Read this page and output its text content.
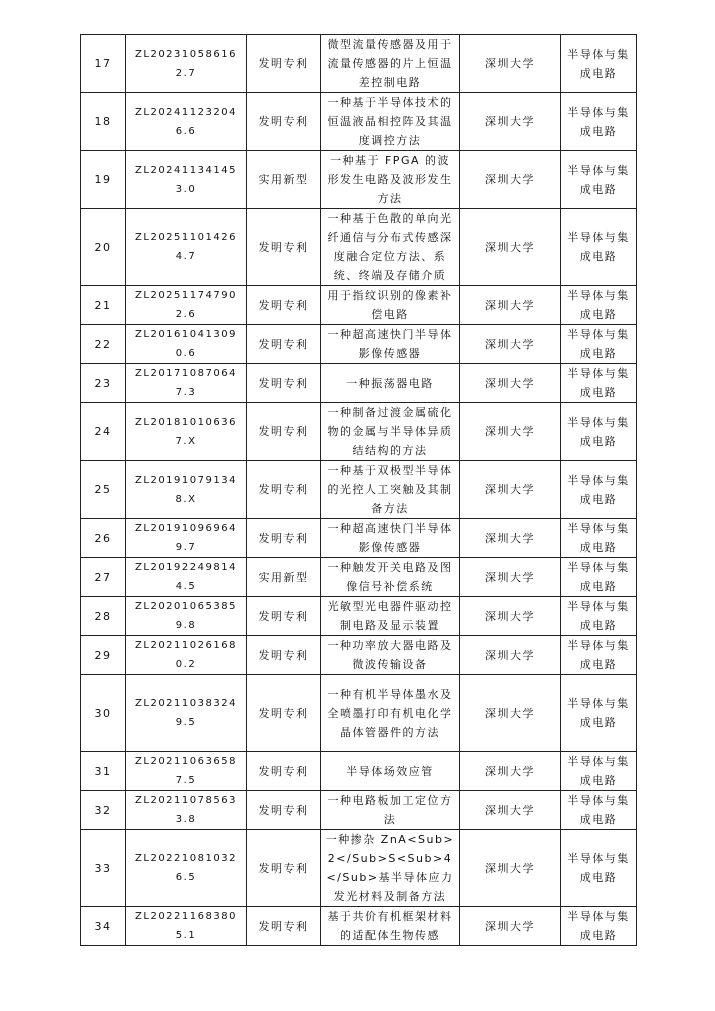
17	ZL202310586162.7	发明专利	微型流量传感器及用于流量传感器的片上恒温差控制电路	深圳大学	半导体与集成电路
18	ZL202411232046.6	发明专利	一种基于半导体技术的恒温液晶相控阵及其温度调控方法	深圳大学	半导体与集成电路
19	ZL202411341453.0	实用新型	一种基于 FPGA 的波形发生电路及波形发生方法	深圳大学	半导体与集成电路
20	ZL202511014264.7	发明专利	一种基于色散的单向光纤通信与分布式传感深度融合定位方法、系统、终端及存储介质	深圳大学	半导体与集成电路
21	ZL202511747902.6	发明专利	用于指纹识别的像素补偿电路	深圳大学	半导体与集成电路
22	ZL201610413090.6	发明专利	一种超高速快门半导体影像传感器	深圳大学	半导体与集成电路
23	ZL201710870647.3	发明专利	一种振荡器电路	深圳大学	半导体与集成电路
24	ZL201810106367.X	发明专利	一种制备过渡金属硫化物的金属与半导体异质结结构的方法	深圳大学	半导体与集成电路
25	ZL201910791348.X	发明专利	一种基于双极型半导体的光控人工突触及其制备方法	深圳大学	半导体与集成电路
26	ZL201910969649.7	发明专利	一种超高速快门半导体影像传感器	深圳大学	半导体与集成电路
27	ZL201922498144.5	实用新型	一种触发开关电路及图像信号补偿系统	深圳大学	半导体与集成电路
28	ZL202010653859.8	发明专利	光敏型光电器件驱动控制电路及显示装置	深圳大学	半导体与集成电路
29	ZL202110261680.2	发明专利	一种功率放大器电路及微波传输设备	深圳大学	半导体与集成电路
30	ZL202110383249.5	发明专利	一种有机半导体墨水及全喷墨打印有机电化学晶体管器件的方法	深圳大学	半导体与集成电路
31	ZL202110636587.5	发明专利	半导体场效应管	深圳大学	半导体与集成电路
32	ZL202110785633.8	发明专利	一种电路板加工定位方法	深圳大学	半导体与集成电路
33	ZL202210810326.5	发明专利	一种掺杂 ZnA<Sub>2</Sub>S<Sub>4</Sub>基半导体应力发光材料及制备方法	深圳大学	半导体与集成电路
34	ZL202211683805.1	发明专利	基于共价有机框架材料的适配体生物传感	深圳大学	半导体与集成电路
